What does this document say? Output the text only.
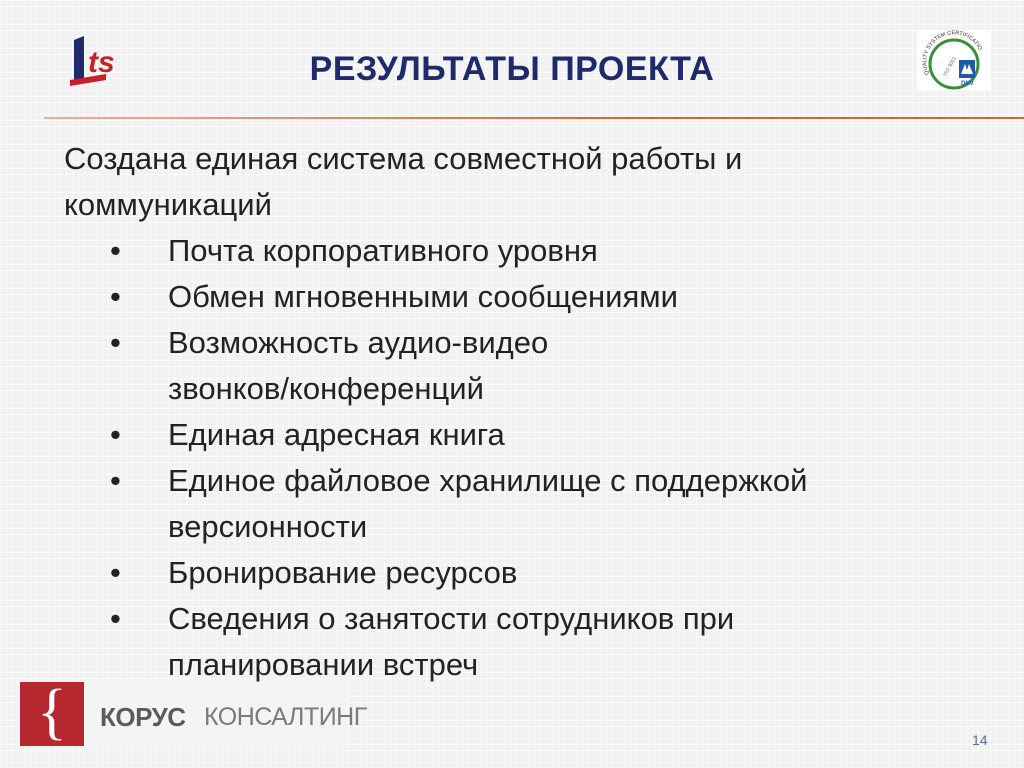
ts	РЕЗУЛЬТАТЫ ПРОЕКТА	QUALITY SYSTEM CERTIFICATIO
ISO 9001
DNV
Создана единая система совместной работы и коммуникаций
•	Почта корпоративного уровня
•	Обмен мгновенными сообщениями
•	Возможность аудио-видео звонков/конференций
•	Единая адресная книга
•	Единое файловое хранилище с поддержкой версионности
•	Бронирование ресурсов
•	Сведения о занятости сотрудников при планировании встреч
{	КОРУС КОНСАЛТИНГ
14
